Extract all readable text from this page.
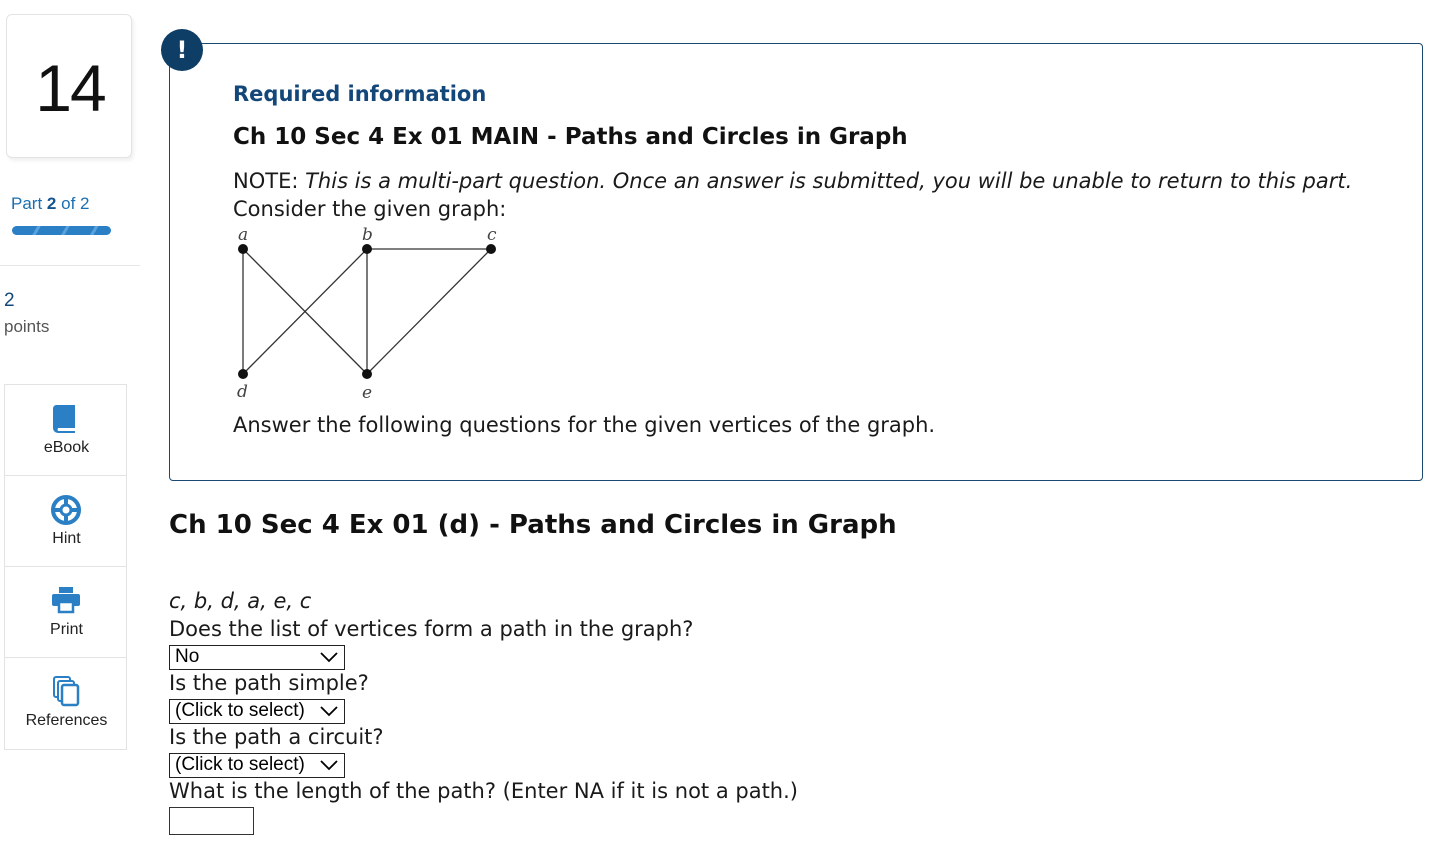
14
Part 2 of 2
2
points
eBook
Hint
Print
References
!
Required information
Ch 10 Sec 4 Ex 01 MAIN - Paths and Circles in Graph
NOTE: This is a multi-part question. Once an answer is submitted, you will be unable to return to this part.
Consider the given graph:
a	b	c
d	e
Answer the following questions for the given vertices of the graph.
Ch 10 Sec 4 Ex 01 (d) - Paths and Circles in Graph
c, b, d, a, e, c
Does the list of vertices form a path in the graph?
No
Is the path simple?
(Click to select)
Is the path a circuit?
(Click to select)
What is the length of the path? (Enter NA if it is not a path.)
